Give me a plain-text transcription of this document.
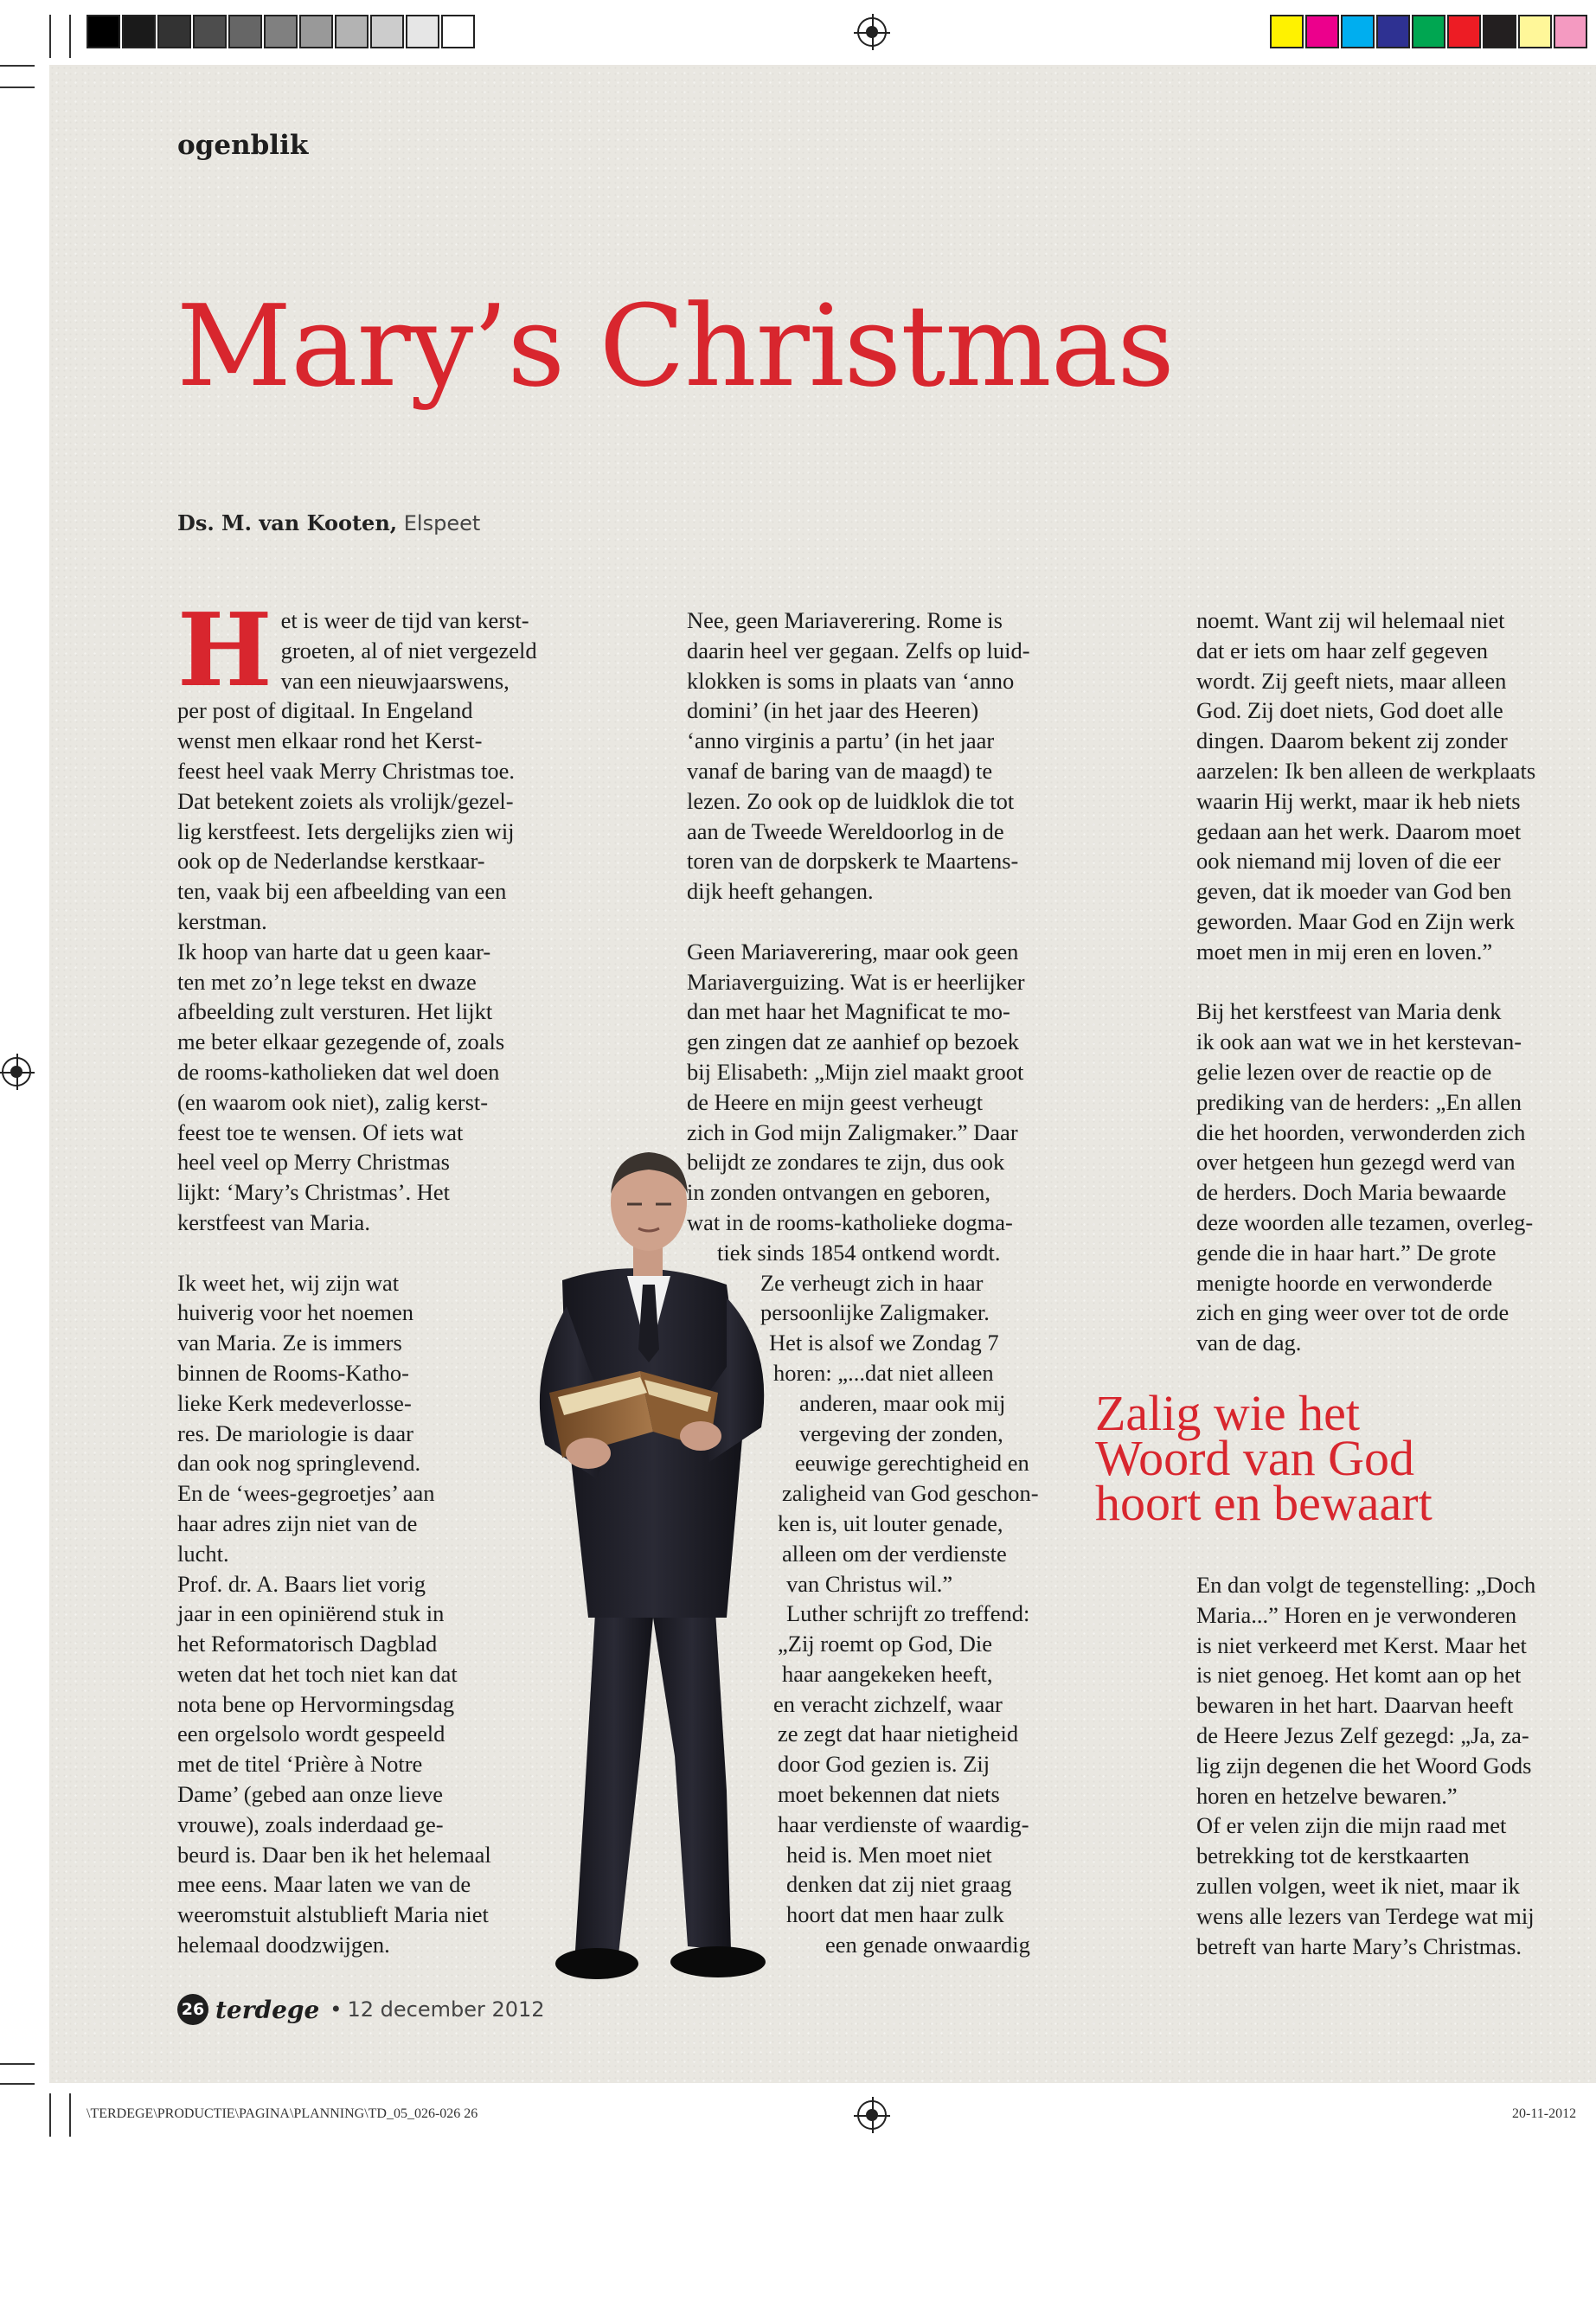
ogenblik
Mary’s Christmas
Ds. M. van Kooten, Elspeet
H et is weer de tijd van kerst-
groeten, al of niet vergezeld
van een nieuwjaarswens,
per post of digitaal. In Engeland
wenst men elkaar rond het Kerst-
feest heel vaak Merry Christmas toe.
Dat betekent zoiets als vrolijk/gezel-
lig kerstfeest. Iets dergelijks zien wij
ook op de Nederlandse kerstkaar-
ten, vaak bij een afbeelding van een
kerstman.
Ik hoop van harte dat u geen kaar-
ten met zo’n lege tekst en dwaze
afbeelding zult versturen. Het lijkt
me beter elkaar gezegende of, zoals
de rooms-katholieken dat wel doen
(en waarom ook niet), zalig kerst-
feest toe te wensen. Of iets wat
heel veel op Merry Christmas
lijkt: ‘Mary’s Christmas’. Het
kerstfeest van Maria.

Ik weet het, wij zijn wat
huiverig voor het noemen
van Maria. Ze is immers
binnen de Rooms-Katho-
lieke Kerk medeverlosse-
res. De mariologie is daar
dan ook nog springlevend.
En de ‘wees-gegroetjes’ aan
haar adres zijn niet van de
lucht.
Prof. dr. A. Baars liet vorig
jaar in een opiniërend stuk in
het Reformatorisch Dagblad
weten dat het toch niet kan dat
nota bene op Hervormingsdag
een orgelsolo wordt gespeeld
met de titel ‘Prière à Notre
Dame’ (gebed aan onze lieve
vrouwe), zoals inderdaad ge-
beurd is. Daar ben ik het helemaal
mee eens. Maar laten we van de
weeromstuit alstublieft Maria niet
helemaal doodzwijgen.

Nee, geen Mariaverering. Rome is
daarin heel ver gegaan. Zelfs op luid-
klokken is soms in plaats van ‘anno
domini’ (in het jaar des Heeren)
‘anno virginis a partu’ (in het jaar
vanaf de baring van de maagd) te
lezen. Zo ook op de luidklok die tot
aan de Tweede Wereldoorlog in de
toren van de dorpskerk te Maartens-
dijk heeft gehangen.

Geen Mariaverering, maar ook geen
Mariaverguizing. Wat is er heerlijker
dan met haar het Magnificat te mo-
gen zingen dat ze aanhief op bezoek
bij Elisabeth: „Mijn ziel maakt groot
de Heere en mijn geest verheugt
zich in God mijn Zaligmaker.” Daar
belijdt ze zondares te zijn, dus ook
in zonden ontvangen en geboren,
wat in de rooms-katholieke dogma-
tiek sinds 1854 ontkend wordt.
Ze verheugt zich in haar
persoonlijke Zaligmaker.
Het is alsof we Zondag 7
horen: „...dat niet alleen
anderen, maar ook mij
vergeving der zonden,
eeuwige gerechtigheid en
zaligheid van God geschon-
ken is, uit louter genade,
alleen om der verdienste
van Christus wil.”
Luther schrijft zo treffend:
„Zij roemt op God, Die
haar aangekeken heeft,
en veracht zichzelf, waar
ze zegt dat haar nietigheid
door God gezien is. Zij
moet bekennen dat niets
haar verdienste of waardig-
heid is. Men moet niet
denken dat zij niet graag
hoort dat men haar zulk
een genade onwaardig

noemt. Want zij wil helemaal niet
dat er iets om haar zelf gegeven
wordt. Zij geeft niets, maar alleen
God. Zij doet niets, God doet alle
dingen. Daarom bekent zij zonder
aarzelen: Ik ben alleen de werkplaats
waarin Hij werkt, maar ik heb niets
gedaan aan het werk. Daarom moet
ook niemand mij loven of die eer
geven, dat ik moeder van God ben
geworden. Maar God en Zijn werk
moet men in mij eren en loven.”

Bij het kerstfeest van Maria denk
ik ook aan wat we in het kerstevan-
gelie lezen over de reactie op de
prediking van de herders: „En allen
die het hoorden, verwonderden zich
over hetgeen hun gezegd werd van
de herders. Doch Maria bewaarde
deze woorden alle tezamen, overleg-
gende die in haar hart.” De grote
menigte hoorde en verwonderde
zich en ging weer over tot de orde
van de dag.

Zalig wie het
Woord van God
hoort en bewaart

En dan volgt de tegenstelling: „Doch
Maria...” Horen en je verwonderen
is niet verkeerd met Kerst. Maar het
is niet genoeg. Het komt aan op het
bewaren in het hart. Daarvan heeft
de Heere Jezus Zelf gezegd: „Ja, za-
lig zijn degenen die het Woord Gods
horen en hetzelve bewaren.”
Of er velen zijn die mijn raad met
betrekking tot de kerstkaarten
zullen volgen, weet ik niet, maar ik
wens alle lezers van Terdege wat mij
betreft van harte Mary’s Christmas.

26 terdege • 12 december 2012
\TERDEGE\PRODUCTIE\PAGINA\PLANNING\TD_05_026-026 26	20-11-2012
